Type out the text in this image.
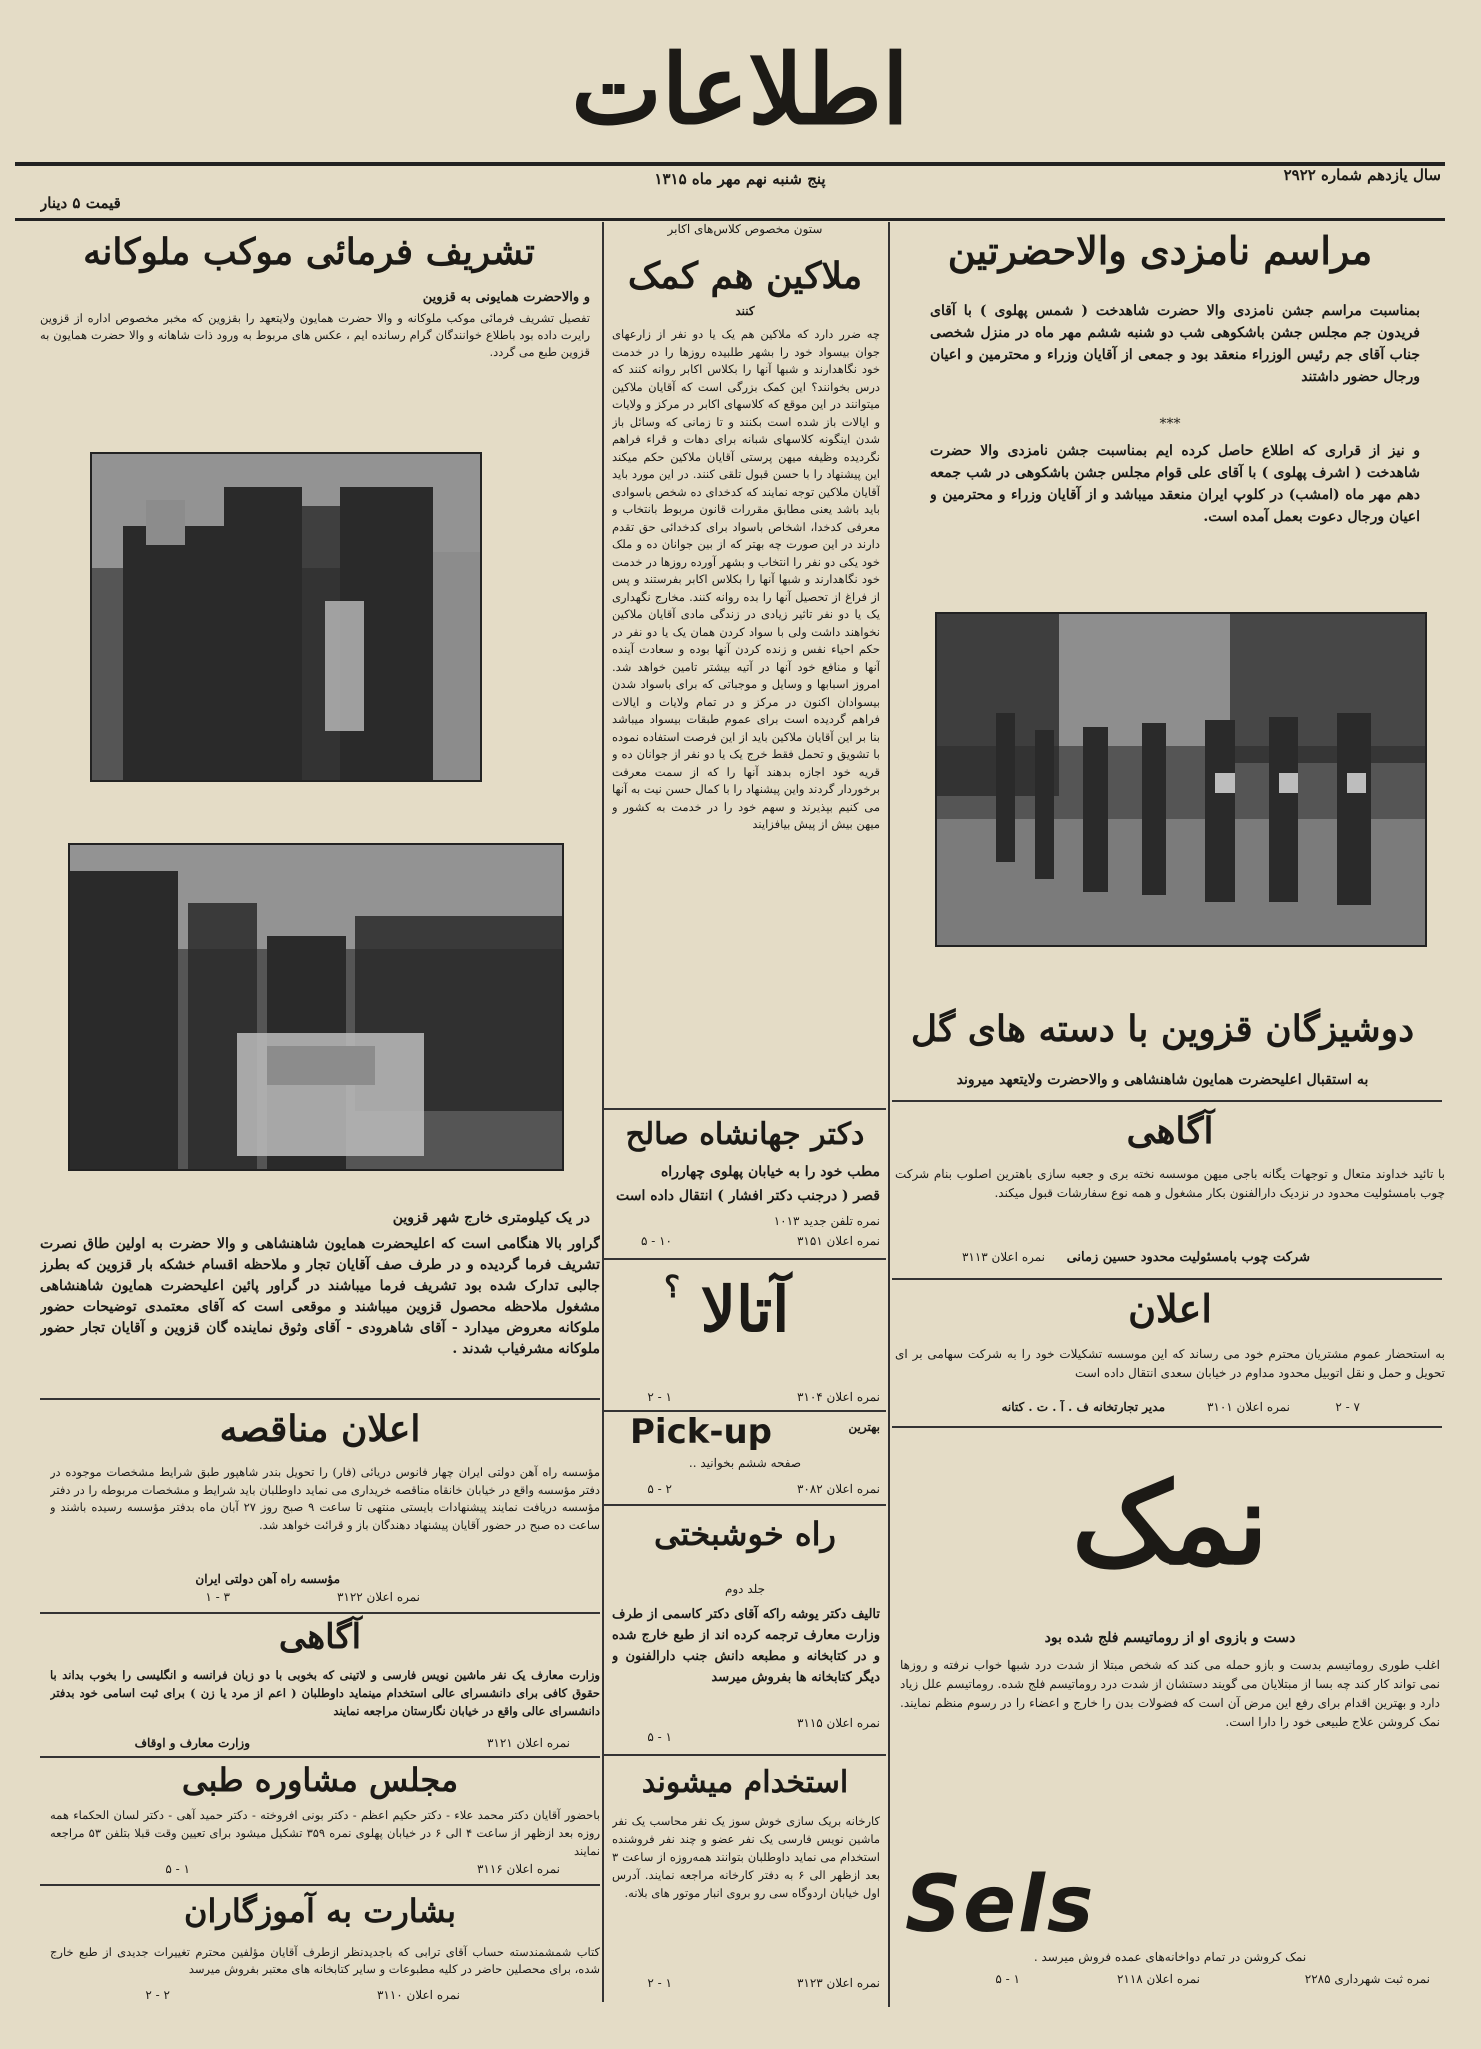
اطلاعات
سال یازدهم شماره ۲۹۲۲
پنج شنبه نهم مهر ماه ۱۳۱۵
قیمت ۵ دینار
مراسم نامزدی والاحضرتین
بمناسبت مراسم جشن نامزدی والا حضرت شاهدخت ( شمس پهلوی ) با آقای فریدون جم مجلس جشن باشکوهی شب دو شنبه ششم مهر ماه در منزل شخصی جناب آقای جم رئیس الوزراء منعقد بود و جمعی از آقایان وزراء و محترمین و اعیان ورجال حضور داشتند
***
و نیز از قراری که اطلاع حاصل کرده ایم بمناسبت جشن نامزدی والا حضرت شاهدخت ( اشرف پهلوی ) با آقای علی قوام مجلس جشن باشکوهی در شب جمعه دهم مهر ماه (امشب) در کلوپ ایران منعقد میباشد و از آقایان وزراء و محترمین و اعیان ورجال دعوت بعمل آمده است.
دوشیزگان قزوین با دسته های گل
به استقبال اعلیحضرت همایون شاهنشاهی و والاحضرت ولایتعهد میروند
آگاهی
با تائید خداوند متعال و توجهات یگانه باجی میهن موسسه نخته بری و جعبه سازی باهترین اصلوب بنام شرکت چوب بامسئولیت محدود در نزدیک دارالفنون بکار مشغول و همه نوع سفارشات قبول میکند.
شرکت چوب بامسئولیت محدود حسین زمانی
نمره اعلان ۳۱۱۳
اعلان
به استحضار عموم مشتریان محترم خود می رساند که این موسسه تشکیلات خود را به شرکت سهامی بر ای تحویل و حمل و نقل اتوبیل محدود مداوم در خیابان سعدی انتقال داده است
نمره اعلان ۳۱۰۱	۷ - ۲
مدیر تجارتخانه ف . آ . ت . کتانه
نمک
دست و بازوی او از روماتیسم فلج شده بود
اغلب طوری روماتیسم بدست و بازو حمله می کند که شخص مبتلا از شدت درد شبها خواب نرفته و روزها نمی تواند کار کند چه بسا از مبتلایان می گویند دستشان از شدت درد روماتیسم فلج شده. روماتیسم علل زیاد دارد و بهترین اقدام برای رفع این مرض آن است که فضولات بدن را خارج و اعضاء را در رسوم منظم نمایند. نمک کروشن علاج طبیعی خود را دارا است.
Sels
نمک کروشن در تمام دواخانه‌های عمده فروش میرسد .
نمره ثبت شهرداری ۲۲۸۵
نمره اعلان ۲۱۱۸
۱ - ۵
ستون مخصوص کلاس‌های اکابر
ملاکین هم کمک
کنند
چه ضرر دارد که ملاکین هم یک یا دو نفر از زارعهای جوان بیسواد خود را بشهر طلبیده روزها را در خدمت خود نگاهدارند و شبها آنها را بکلاس اکابر روانه کنند که درس بخوانند؟ این کمک بزرگی است که آقایان ملاکین میتوانند در این موقع که کلاسهای اکابر در مرکز و ولایات و ایالات باز شده است بکنند و تا زمانی که وسائل باز شدن اینگونه کلاسهای شبانه برای دهات و قراء فراهم نگردیده وظیفه میهن پرستی آقایان ملاکین حکم میکند این پیشنهاد را با حسن قبول تلقی کنند. در این مورد باید آقایان ملاکین توجه نمایند که کدخدای ده شخص باسوادی باید باشد یعنی مطابق مقررات قانون مربوط بانتخاب و معرفی کدخدا، اشخاص باسواد برای کدخدائی حق تقدم دارند در این صورت چه بهتر که از بین جوانان ده و ملک خود یکی دو نفر را انتخاب و بشهر آورده روزها در خدمت خود نگاهدارند و شبها آنها را بکلاس اکابر بفرستند و پس از فراغ از تحصیل آنها را بده روانه کنند. مخارج نگهداری یک یا دو نفر تاثیر زیادی در زندگی مادی آقایان ملاکین نخواهند داشت ولی با سواد کردن همان یک یا دو نفر در حکم احیاء نفس و زنده کردن آنها بوده و سعادت آینده آنها و منافع خود آنها در آتیه بیشتر تامین خواهد شد. امروز اسبابها و وسایل و موجباتی که برای باسواد شدن بیسوادان اکنون در مرکز و در تمام ولایات و ایالات فراهم گردیده است برای عموم طبقات بیسواد میباشد بنا بر این آقایان ملاکین باید از این فرصت استفاده نموده با تشویق و تحمل فقط خرج یک یا دو نفر از جوانان ده و قریه خود اجازه بدهند آنها را که از سمت معرفت برخوردار گردند واین پیشنهاد را با کمال حسن نیت به آنها می کنیم بپذیرند و سهم خود را در خدمت به کشور و میهن بیش از پیش بیافزایند
دکتر جهانشاه صالح
مطب خود را به خیابان پهلوی چهارراه
قصر ( درجنب دکتر افشار ) انتقال داده است
نمره تلفن جدید ۱۰۱۳
نمره اعلان ۳۱۵۱
۱۰ - ۵
آتالا
؟
نمره اعلان ۳۱۰۴
۱ - ۲
بهترین
Pick-up
صفحه ششم بخوانید ..
نمره اعلان ۳۰۸۲
۲ - ۵
راه خوشبختی
جلد دوم
تالیف دکتر یوشه راکه آقای دکتر کاسمی از طرف وزارت معارف ترجمه کرده اند از طبع خارج شده و در کتابخانه و مطبعه دانش جنب دارالفنون و دیگر کتابخانه ها بفروش میرسد
نمره اعلان ۳۱۱۵
۱ - ۵
استخدام میشوند
کارخانه بریک سازی خوش سوز یک نفر محاسب یک نفر ماشین نویس فارسی یک نفر عضو و چند نفر فروشنده استخدام می نماید داوطلبان بتوانند همه‌روزه از ساعت ۳ بعد ازظهر الی ۶ به دفتر کارخانه مراجعه نمایند. آدرس اول خیابان اردوگاه سی رو بروی انبار موتور های بلانه.
نمره اعلان ۳۱۲۳
۱ - ۲
تشریف فرمائی موکب ملوکانه
و والاحضرت همایونی به قزوین
تفصیل تشریف فرمائی موکب ملوکانه و والا حضرت همایون ولایتعهد را بقزوین که مخبر مخصوص اداره از قزوین رایرت داده بود باطلاع خوانندگان گرام رسانده ایم ، عکس های مربوط به ورود ذات شاهانه و والا حضرت همایون به قزوین طبع می گردد.
در یک کیلومتری خارج شهر قزوین
گراور بالا هنگامی است که اعلیحضرت همایون شاهنشاهی و والا حضرت به اولین طاق نصرت تشریف فرما گردیده و در طرف صف آقایان تجار و ملاحظه اقسام خشکه بار قزوین که بطرز جالبی تدارک شده بود تشریف فرما میباشند در گراور پائین اعلیحضرت همایون شاهنشاهی مشغول ملاحظه محصول قزوین میباشند و موقعی است که آقای معتمدی توضیحات حضور ملوکانه معروض میدارد - آقای شاهرودی - آقای وثوق نماینده گان قزوین و آقایان تجار حضور ملوکانه مشرفیاب شدند .
اعلان مناقصه
مؤسسه راه آهن دولتی ایران چهار فانوس دریائی (فار) را تحویل بندر شاهپور طبق شرایط مشخصات موجوده در دفتر مؤسسه واقع در خیابان خانقاه مناقصه خریداری می نماید داوطلبان باید شرایط و مشخصات مربوطه را در دفتر مؤسسه دریافت نمایند پیشنهادات بایستی منتهی تا ساعت ۹ صبح روز ۲۷ آبان ماه بدفتر مؤسسه رسیده باشند و ساعت ده صبح در حضور آقایان پیشنهاد دهندگان باز و قرائت خواهد شد.
نمره اعلان ۳۱۲۲
۳ - ۱
مؤسسه راه آهن دولتی ایران
آگاهی
وزارت معارف یک نفر ماشین نویس فارسی و لاتینی که بخوبی با دو زبان فرانسه و انگلیسی را بخوب بداند با حقوق کافی برای دانشسرای عالی استخدام مینماید داوطلبان ( اعم از مرد یا زن ) برای ثبت اسامی خود بدفتر دانشسرای عالی واقع در خیابان نگارستان مراجعه نمایند
نمره اعلان ۳۱۲۱
وزارت معارف و اوقاف
مجلس مشاوره طبی
باحضور آقایان دکتر محمد علاء - دکتر حکیم اعظم - دکتر بونی افروخته - دکتر حمید آهی - دکتر لسان الحکماء همه روزه بعد ازظهر از ساعت ۴ الی ۶ در خیابان پهلوی نمره ۳۵۹ تشکیل میشود برای تعیین وقت قبلا بتلفن ۵۳ مراجعه نمایند
نمره اعلان ۳۱۱۶
۱ - ۵
بشارت به آموزگاران
کتاب شمشمندسته حساب آقای ترابی که باجدیدنظر ازطرف آقایان مؤلفین محترم تغییرات جدیدی از طبع خارج شده، برای محصلین حاضر در کلیه مطبوعات و سایر کتابخانه های معتبر بفروش میرسد
نمره اعلان ۳۱۱۰
۲ - ۲
